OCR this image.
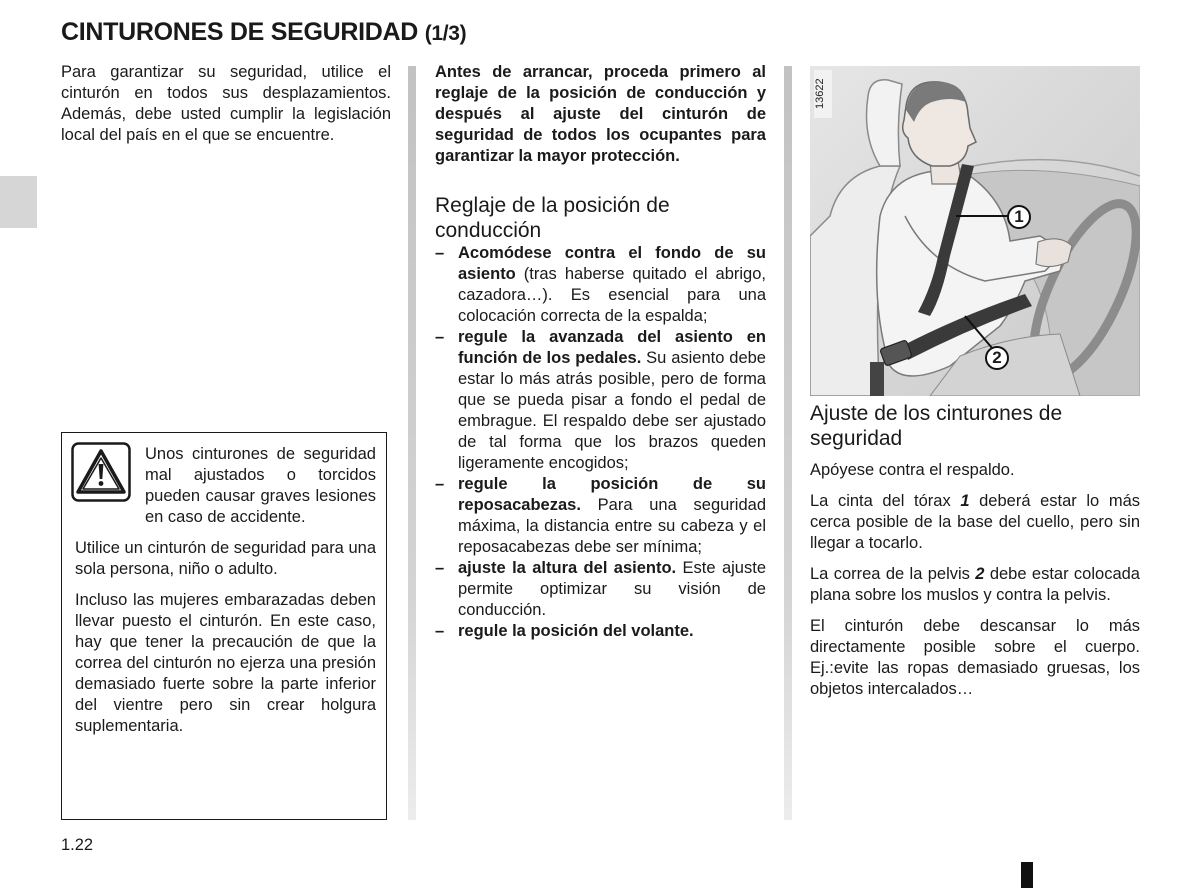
CINTURONES DE SEGURIDAD (1/3)

Para garantizar su seguridad, utilice el cinturón en todos sus desplazamientos. Además, debe usted cumplir la legislación local del país en el que se encuentre.

Unos cinturones de seguridad mal ajustados o torcidos pueden causar graves lesiones en caso de accidente.

Utilice un cinturón de seguridad para una sola persona, niño o adulto.

Incluso las mujeres embarazadas deben llevar puesto el cinturón. En este caso, hay que tener la precaución de que la correa del cinturón no ejerza una presión demasiado fuerte sobre la parte inferior del vientre pero sin crear holgura suplementaria.

Antes de arrancar, proceda primero al reglaje de la posición de conducción y después al ajuste del cinturón de seguridad de todos los ocupantes para garantizar la mayor protección.

Reglaje de la posición de conducción
– Acomódese contra el fondo de su asiento (tras haberse quitado el abrigo, cazadora…). Es esencial para una colocación correcta de la espalda;
– regule la avanzada del asiento en función de los pedales. Su asiento debe estar lo más atrás posible, pero de forma que se pueda pisar a fondo el pedal de embrague. El respaldo debe ser ajustado de tal forma que los brazos queden ligeramente encogidos;
– regule la posición de su reposacabezas. Para una seguridad máxima, la distancia entre su cabeza y el reposacabezas debe ser mínima;
– ajuste la altura del asiento. Este ajuste permite optimizar su visión de conducción.
– regule la posición del volante.
1
2
13622
Ajuste de los cinturones de seguridad

Apóyese contra el respaldo.

La cinta del tórax 1 deberá estar lo más cerca posible de la base del cuello, pero sin llegar a tocarlo.

La correa de la pelvis 2 debe estar colocada plana sobre los muslos y contra la pelvis.

El cinturón debe descansar lo más directamente posible sobre el cuerpo. Ej.:evite las ropas demasiado gruesas, los objetos intercalados…

1.22
